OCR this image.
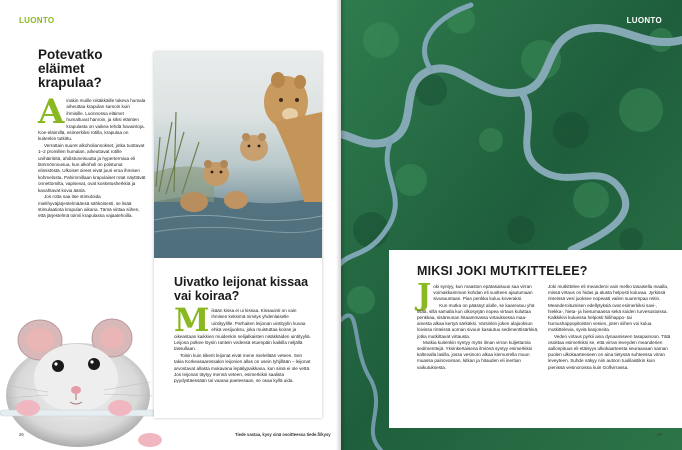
LUONTO
Potevatko eläimet krapulaa?

Ainakin muille nisäkkäille tukeva humala aiheuttaa krapulan samoin kuin ihmisille. Luonnossa eläimet humaltuvat harvoin, ja siksi eläinten krapulasta on vaikea tehdä havaintoja. Koe-eläimillä, esimerkiksi rotilla, krapulaa on kuitenkin tutkittu.

Verrattain suuret alkoholiannokset, jotka tuottavat 1–2 promillen humalan, aiheuttavat rotille unihäiriöitä, ahdistuneisuutta ja hypertermiaa eli lämmönnousua, kun alkoholi on poistunut elimistöstä. Ulkoiset oireet eivät juuri eroa ihmisen kohmelosta. Pahimmillaan krapulaiset rotat näyttävät onnettomilta, vapisevat, ovat kosketusherkkiä ja kavahtavat kovia ääniä.

Jos rotta saa itse stimuloida mielihyväjärjestelmäänsä sähköisesti, se lisää stimulaatiota krapulan aikana. Tämä viittaa siihen, että järjestelmä toimii krapulassa vajaatehoilla.

Uivatko leijonat kissaa vai koiraa?

Mikään kissa ei ui kissaa. Kissauinti on vain ihmisen keksimä nimitys yhdenlaiselle uintityylille. Parhaiten leijonan uintityylin kuvaa ehkä vesijuoksu, joka muistuttaa koiran ja oikeastaan kaikkien muidenkin nelijalkaisten nisäkkäiden uintityyliä. Leijona polkee löysin rantein vedessä etuenpäin kaikilla neljällä tassullaan.

Toisin kuin tiikerit leijonat eivät mene mielellään veteen. Sen takia Korkeasaaressakin leijonien allas on usein tyhjillään – leijonat arvostavat allasta mukavana lepäilypaikkana, kun siinä ei ole vettä. Jos leijonan täytyy mennä veteen, esimerkiksi saalista pyydystäessään tai vaaraa paetessaan, se osaa kyllä uida.

26	Tiede vastaa, kysy sinä osoitteessa tiede.fi/kysy
LUONTO
MIKSI JOKI MUTKITTELEE?

Joki syntyy, kun maaston epätasaisuus saa virran voimakkaimman kohdan eli vuolteen ajautumaan sivusuuntaan. Pian penkka kuluu koveraksi.

Kun mutka on päässyt alulle, se kaareutuu yhä lisää, sillä samalla kun ulkosyrjän nopea virtaus kuluttaa penkkaa, sisäreunan hitaammassa virtauksessa maa-ainesta alkaa kertyä särkäksi. Varsinkin joken alajuoksun loivissa rinteissä uoman sivuun kasautuu sedimenttisärkkiä, jotka mutkittavat virtausta.

Mutkia kuitenkin syntyy myös ilman virran kuljettamia sedimenttejä. Yksinkertaisena ilmiönä syntyy esimerkiksi kaltevalla lasilla, jossa vesinoro alkaa kiemurrella muun muassa painovoiman, kitkan ja hitauden eli inertian vaikutuksesta.

Joki mutkittelee eli meanderoi vain melko tasaisella maalla, missä virtaus on hidas ja alusta helposti kuluvaa. Jyrkissä rinteissä vesi juoksee nopeasti vailen suurempaa reitin. Meanderoitumisen edellytyksiä ovat esimerkiksi savi-, hiekka-, hieta- ja hiesumaassa sekä soiden turvesustoissa. Kalkkikivi kuluessa helposti hiilihappo- tai humushappopitoisten vesien, joten siihen voi kulua mutkittelevia, syviä kanjoneita.

Veden virtaus pyrkii aina dynaamiseen tasapainoon. Tätä osoittaa esimerkiksi se, että virran leveyden meanderien aallonpituus eli etäisyys ulkokaarteesta seuraavaan saman puolen ulkokaarteeseen on aina tietyssä suhteessa virran leveyteen. Suhde näkyy niin autoon tuulilaistikin kuin pienissä vesinoroissa kuin Golfvirrassa.

27
